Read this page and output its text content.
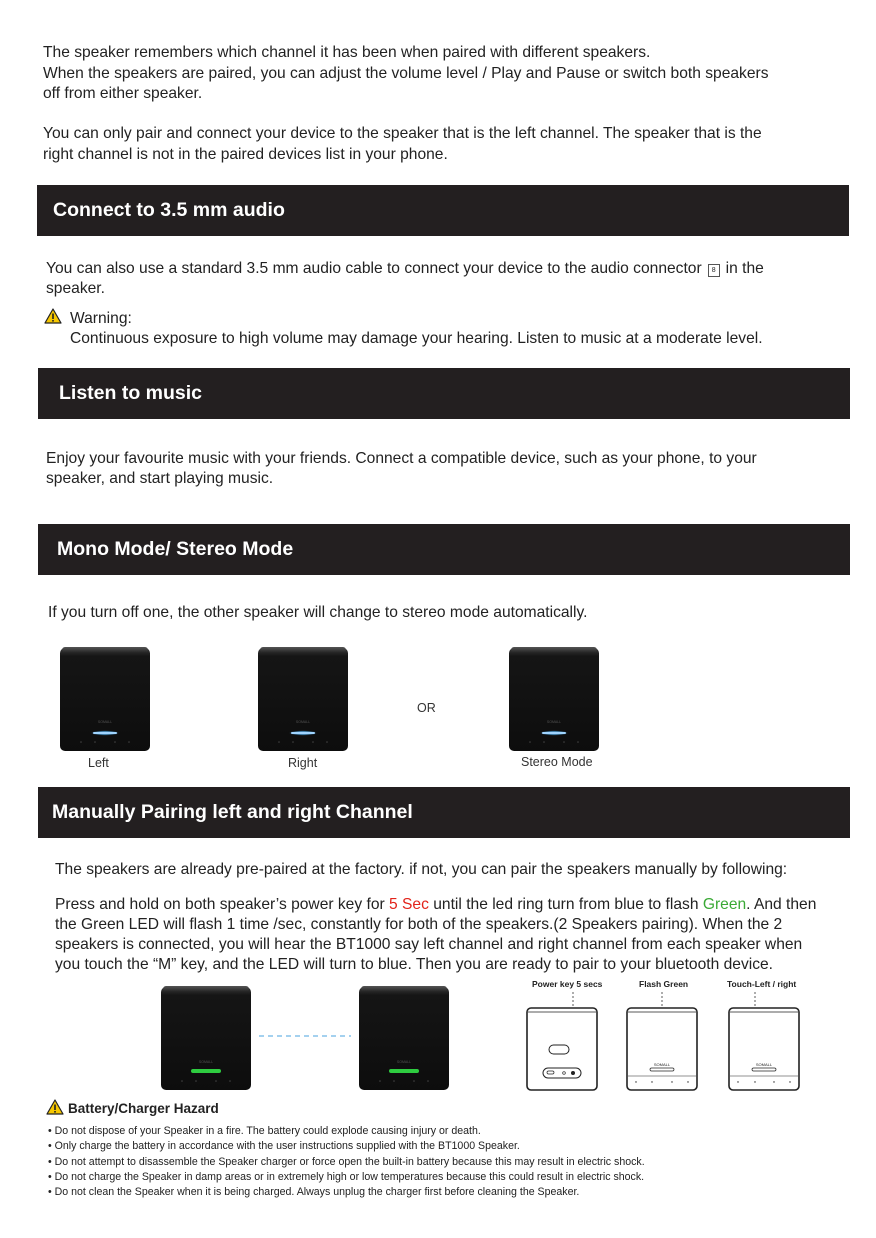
The speaker remembers which channel it has been when paired with different speakers.

When the speakers are paired, you can adjust the volume level / Play and Pause or switch both speakers

off from either speaker.

You can only pair and connect your device to the speaker that is the left channel. The speaker that is the

right channel is not in the paired devices list in your phone.

Connect to 3.5 mm audio

You can also use a standard 3.5 mm audio cable to connect your device to the audio connector 8 in the

speaker.

Warning:

Continuous exposure to high volume may damage your hearing. Listen to music at a moderate level.

Listen to music

Enjoy your favourite music with your friends. Connect a compatible device, such as your phone, to your

speaker, and start playing music.

Mono Mode/ Stereo Mode

If you turn off one, the other speaker will change to stereo mode automatically.

SOMALL
Left
SOMALL
Right
OR
SOMALL
Stereo Mode
Manually Pairing left and right Channel

The speakers are already pre-paired at the factory. if not, you can pair the speakers manually by following:

Press and hold on both speaker’s power key for 5 Sec until the led ring turn from blue to flash Green. And then

the Green LED will flash 1 time /sec, constantly for both of the speakers.(2 Speakers pairing). When the 2

speakers is connected, you will hear the BT1000 say left channel and right channel from each speaker when

you touch the “M” key, and the LED will turn to blue. Then you are ready to pair to your bluetooth device.

SOMALL	SOMALL
Power key 5 secs	Flash Green	Touch-Left / right
SOMALL	SOMALL
Battery/Charger Hazard
• Do not dispose of your Speaker in a fire. The battery could explode causing injury or death.
• Only charge the battery in accordance with the user instructions supplied with the BT1000 Speaker.
• Do not attempt to disassemble the Speaker charger or force open the built-in battery because this may result in electric shock.
• Do not charge the Speaker in damp areas or in extremely high or low temperatures because this could result in electric shock.
• Do not clean the Speaker when it is being charged. Always unplug the charger first before cleaning the Speaker.
